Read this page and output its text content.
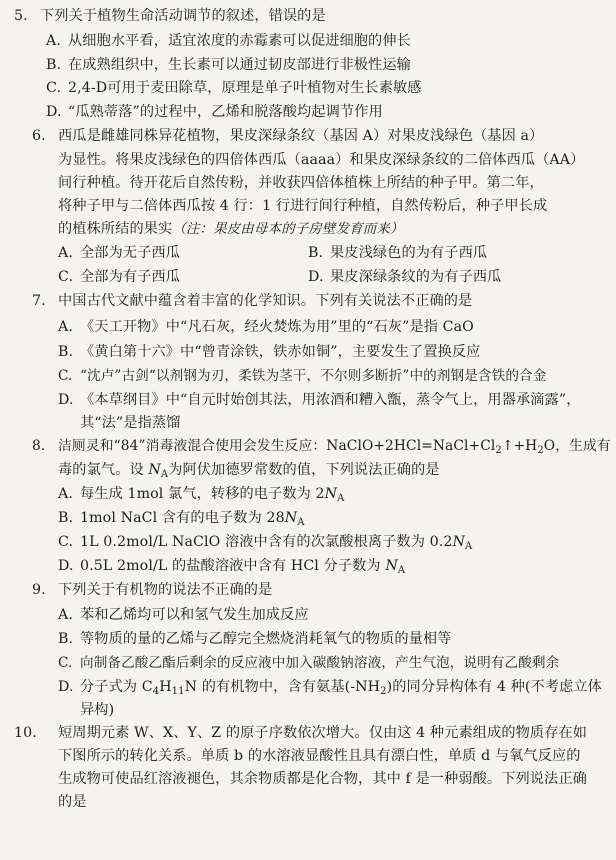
5. 下列关于植物生命活动调节的叙述，错误的是
A. 从细胞水平看，适宜浓度的赤霉素可以促进细胞的伸长
B. 在成熟组织中，生长素可以通过韧皮部进行非极性运输
C. 2,4-D可用于麦田除草，原理是单子叶植物对生长素敏感
D. “瓜熟蒂落”的过程中，乙烯和脱落酸均起调节作用
6. 西瓜是雌雄同株异花植物，果皮深绿条纹（基因 A）对果皮浅绿色（基因 a）
为显性。将果皮浅绿色的四倍体西瓜（aaaa）和果皮深绿条纹的二倍体西瓜（AA）
间行种植。待开花后自然传粉，并收获四倍体植株上所结的种子甲。第二年，
将种子甲与二倍体西瓜按 4 行：1 行进行间行种植，自然传粉后，种子甲长成
的植株所结的果实（注：果皮由母本的子房壁发育而来）
A. 全部为无子西瓜	B. 果皮浅绿色的为有子西瓜
C. 全部为有子西瓜	D. 果皮深绿条纹的为有子西瓜
7. 中国古代文献中蕴含着丰富的化学知识。下列有关说法不正确的是
A. 《天工开物》中“凡石灰，经火焚炼为用”里的“石灰”是指 CaO
B. 《黄白第十六》中“曾青涂铁，铁赤如铜”，主要发生了置换反应
C. “沈卢”古剑“以剂钢为刃，柔铁为茎干，不尔则多断折”中的剂钢是含铁的合金
D. 《本草纲目》中“自元时始创其法，用浓酒和糟入甑，蒸令气上，用器承滴露”，
其“法”是指蒸馏
8. 洁厕灵和“84”消毒液混合使用会发生反应：$NaClO+2HCl=NaCl+Cl_2↑+H_2O$，生成有
毒的氯气。设 $N_A$为阿伏加德罗常数的值，下列说法正确的是
A. 每生成 1mol 氯气，转移的电子数为 $2N_A$
B. 1mol NaCl 含有的电子数为 $28N_A$
C. 1L 0.2mol/L NaClO 溶液中含有的次氯酸根离子数为 $0.2N_A$
D. 0.5L 2mol/L 的盐酸溶液中含有 HCl 分子数为 $N_A$
9. 下列关于有机物的说法不正确的是
A. 苯和乙烯均可以和氢气发生加成反应
B. 等物质的量的乙烯与乙醇完全燃烧消耗氧气的物质的量相等
C. 向制备乙酸乙酯后剩余的反应液中加入碳酸钠溶液，产生气泡，说明有乙酸剩余
D. 分子式为 $C_4H_{11}N$ 的有机物中，含有氨基$(-NH_2)$的同分异构体有 4 种(不考虑立体
异构)
10. 短周期元素 W、X、Y、Z 的原子序数依次增大。仅由这 4 种元素组成的物质存在如
下图所示的转化关系。单质 b 的水溶液显酸性且具有漂白性，单质 d 与氧气反应的
生成物可使品红溶液褪色，其余物质都是化合物，其中 f 是一种弱酸。下列说法正确
的是
